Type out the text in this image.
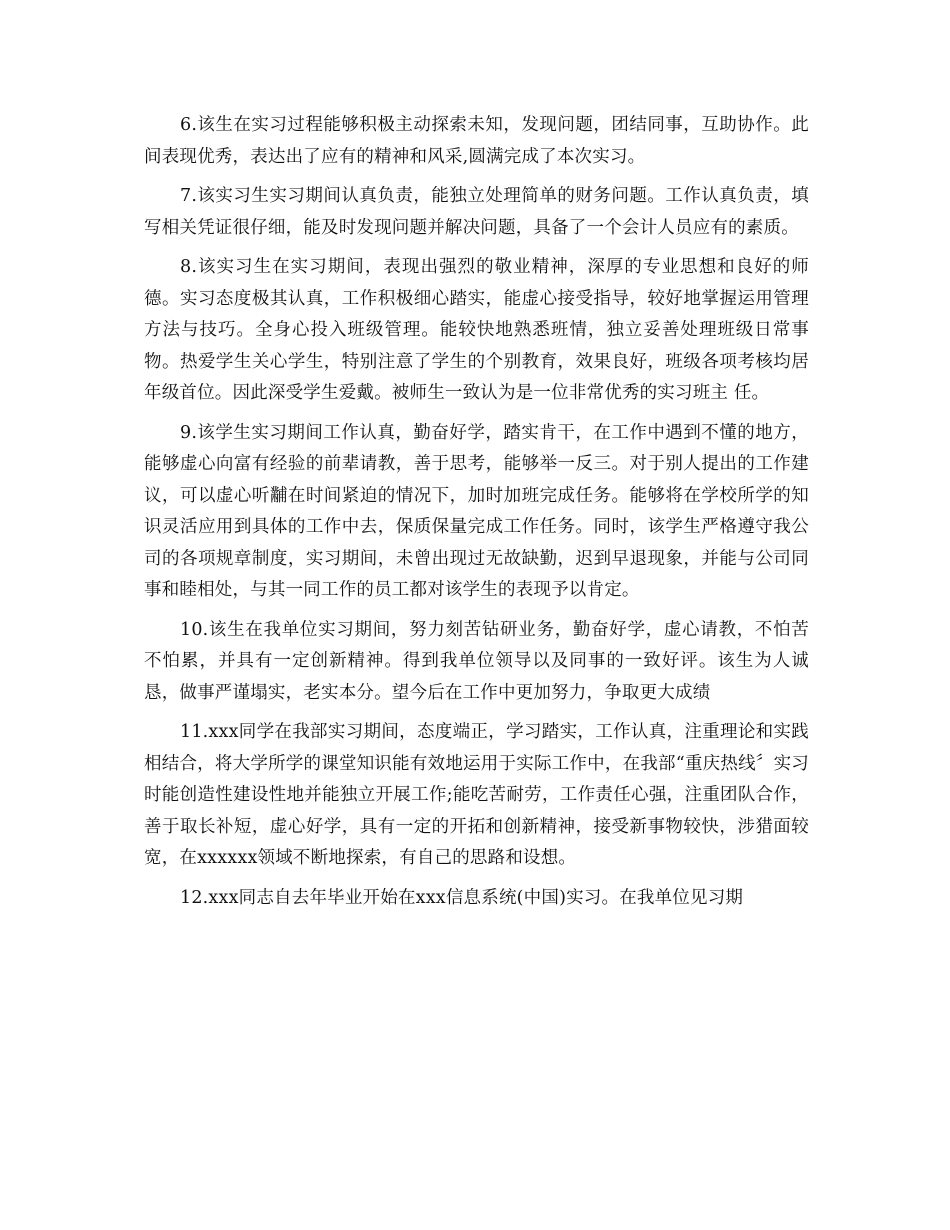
6.该生在实习过程能够积极主动探索未知，发现问题，团结同事，互助协作。此间表现优秀，表达出了应有的精神和风采,圆满完成了本次实习。

7.该实习生实习期间认真负责，能独立处理简单的财务问题。工作认真负责，填写相关凭证很仔细，能及时发现问题并解决问题，具备了一个会计人员应有的素质。

8.该实习生在实习期间，表现出强烈的敬业精神，深厚的专业思想和良好的师德。实习态度极其认真，工作积极细心踏实，能虚心接受指导，较好地掌握运用管理方法与技巧。全身心投入班级管理。能较快地熟悉班情，独立妥善处理班级日常事物。热爱学生关心学生，特别注意了学生的个别教育，效果良好，班级各项考核均居年级首位。因此深受学生爱戴。被师生一致认为是一位非常优秀的实习班主 任。

9.该学生实习期间工作认真，勤奋好学，踏实肯干，在工作中遇到不懂的地方，能够虚心向富有经验的前辈请教，善于思考，能够举一反三。对于别人提出的工作建议，可以虚心听黼在时间紧迫的情况下，加时加班完成任务。能够将在学校所学的知识灵活应用到具体的工作中去，保质保量完成工作任务。同时，该学生严格遵守我公司的各项规章制度，实习期间，未曾出现过无故缺勤，迟到早退现象，并能与公司同事和睦相处，与其一同工作的员工都对该学生的表现予以肯定。

10.该生在我单位实习期间，努力刻苦钻研业务，勤奋好学，虚心请教，不怕苦不怕累，并具有一定创新精神。得到我单位领导以及同事的一致好评。该生为人诚恳，做事严谨塌实，老实本分。望今后在工作中更加努力，争取更大成绩

11.xxx同学在我部实习期间，态度端正，学习踏实，工作认真，注重理论和实践相结合，将大学所学的课堂知识能有效地运用于实际工作中，在我部“重庆热线〞实习时能创造性建设性地并能独立开展工作;能吃苦耐劳，工作责任心强，注重团队合作，善于取长补短，虚心好学，具有一定的开拓和创新精神，接受新事物较快，涉猎面较宽，在xxxxxx领域不断地探索，有自己的思路和设想。

12.xxx同志自去年毕业开始在xxx信息系统(中国)实习。在我单位见习期
